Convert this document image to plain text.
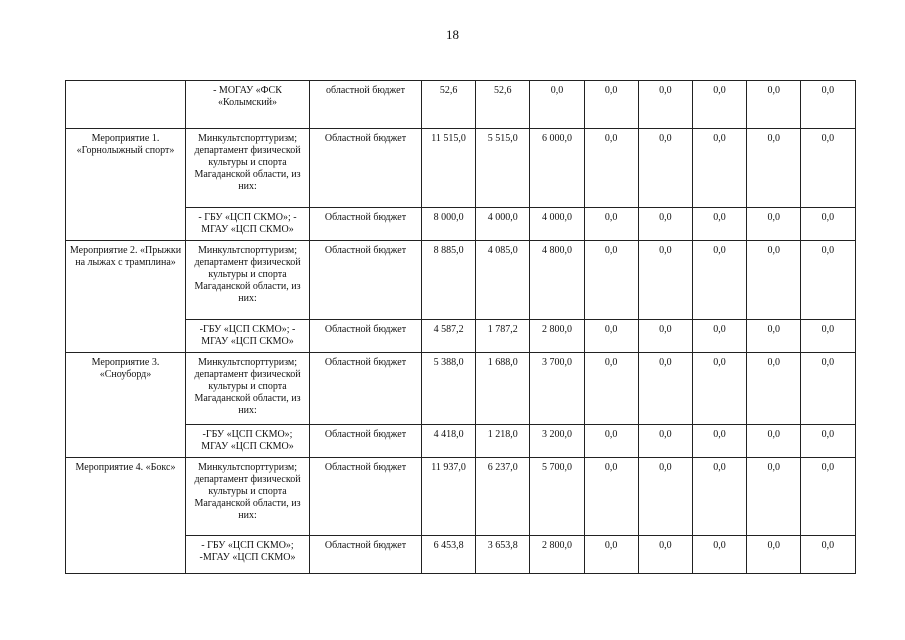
18
	- МОГАУ «ФСК «Колымский»	областной бюджет	52,6	52,6	0,0	0,0	0,0	0,0	0,0	0,0
Мероприятие 1. «Горнолыжный спорт»	Минкультспорттуризм; департамент физической культуры и спорта Магаданской области, из них:	Областной бюджет	11 515,0	5 515,0	6 000,0	0,0	0,0	0,0	0,0	0,0
	- ГБУ «ЦСП СКМО»; - МГАУ «ЦСП СКМО»	Областной бюджет	8 000,0	4 000,0	4 000,0	0,0	0,0	0,0	0,0	0,0
Мероприятие 2. «Прыжки на лыжах с трамплина»	Минкультспорттуризм; департамент физической культуры и спорта Магаданской области, из них:	Областной бюджет	8 885,0	4 085,0	4 800,0	0,0	0,0	0,0	0,0	0,0
	-ГБУ «ЦСП СКМО»; - МГАУ «ЦСП СКМО»	Областной бюджет	4 587,2	1 787,2	2 800,0	0,0	0,0	0,0	0,0	0,0
Мероприятие 3. «Сноуборд»	Минкультспорттуризм; департамент физической культуры и спорта Магаданской области, из них:	Областной бюджет	5 388,0	1 688,0	3 700,0	0,0	0,0	0,0	0,0	0,0
	-ГБУ «ЦСП СКМО»; МГАУ «ЦСП СКМО»	Областной бюджет	4 418,0	1 218,0	3 200,0	0,0	0,0	0,0	0,0	0,0
Мероприятие 4. «Бокс»	Минкультспорттуризм; департамент физической культуры и спорта Магаданской области, из них:	Областной бюджет	11 937,0	6 237,0	5 700,0	0,0	0,0	0,0	0,0	0,0
	- ГБУ «ЦСП СКМО»; -МГАУ «ЦСП СКМО»	Областной бюджет	6 453,8	3 653,8	2 800,0	0,0	0,0	0,0	0,0	0,0
